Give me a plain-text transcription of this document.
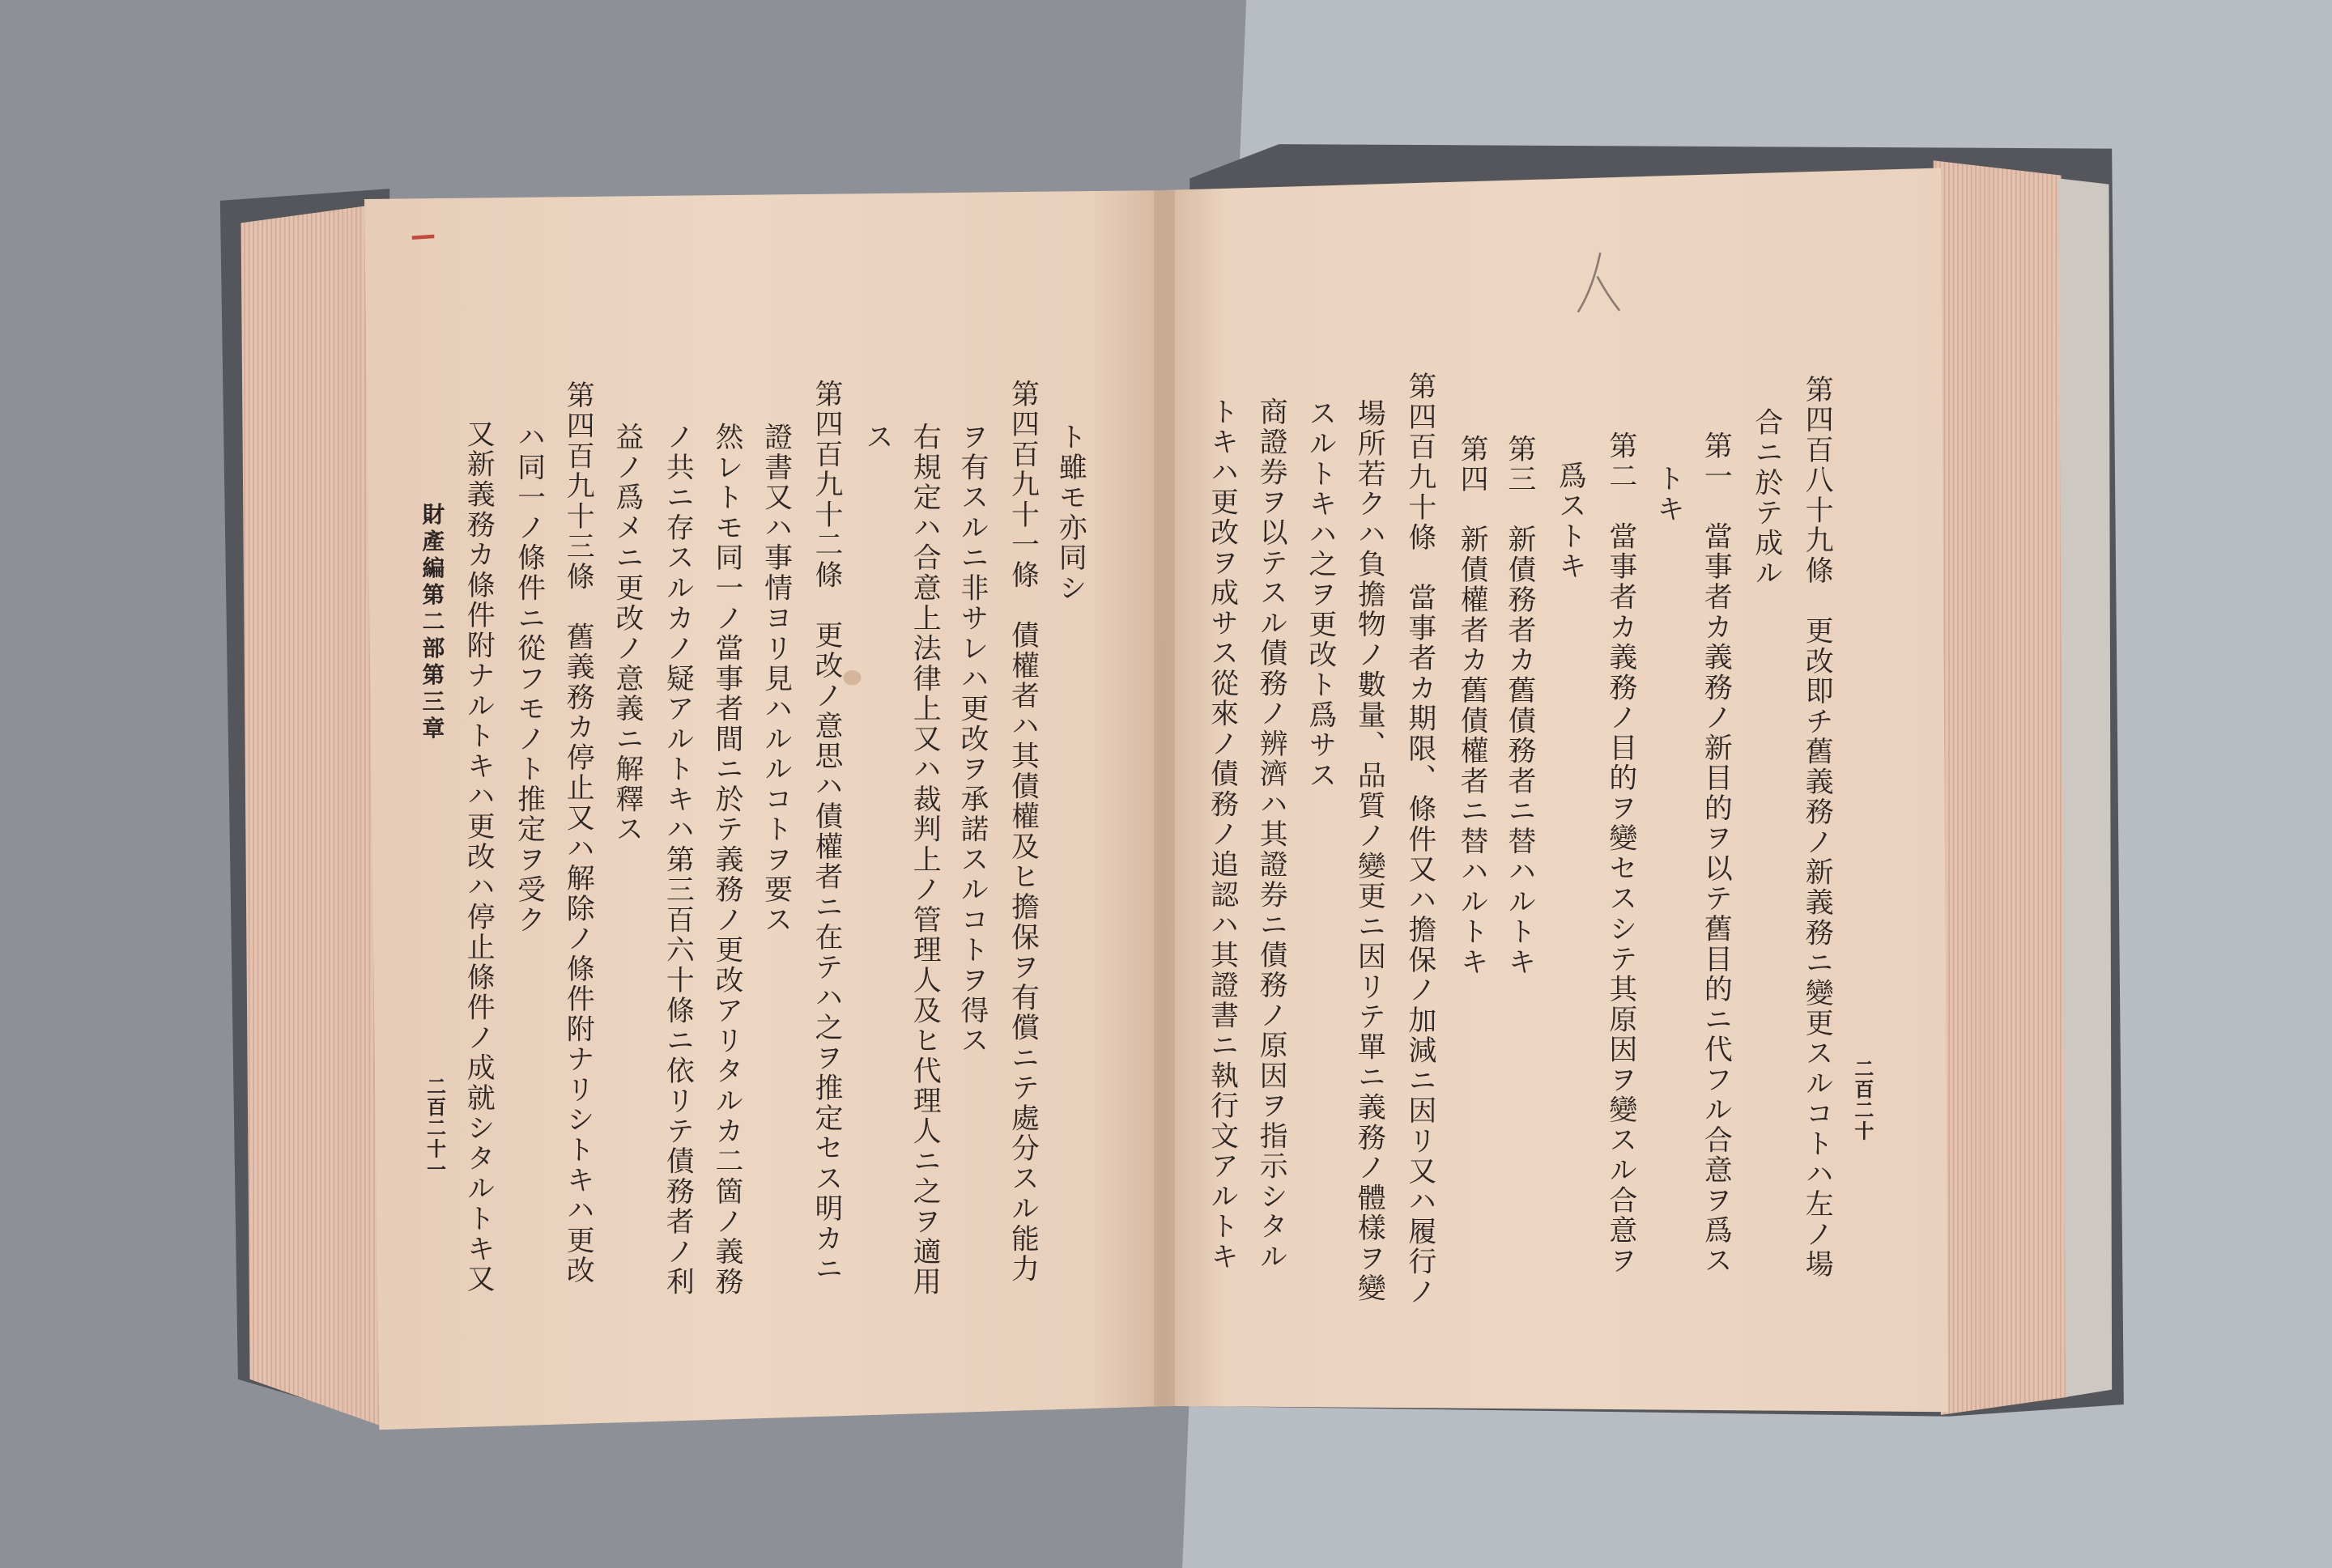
二百二十
第四百八十九條　更改即チ舊義務ノ新義務ニ變更スルコトハ左ノ場
合ニ於テ成ル
第一　當事者カ義務ノ新目的ヲ以テ舊目的ニ代フル合意ヲ爲ス
トキ
第二　當事者カ義務ノ目的ヲ變セスシテ其原因ヲ變スル合意ヲ
爲ストキ
第三　新債務者カ舊債務者ニ替ハルトキ
第四　新債權者カ舊債權者ニ替ハルトキ
第四百九十條　當事者カ期限、條件又ハ擔保ノ加減ニ因リ又ハ履行ノ
場所若クハ負擔物ノ數量、品質ノ變更ニ因リテ單ニ義務ノ體樣ヲ變
スルトキハ之ヲ更改ト爲サス
商證券ヲ以テスル債務ノ辨濟ハ其證券ニ債務ノ原因ヲ指示シタル
トキハ更改ヲ成サス從來ノ債務ノ追認ハ其證書ニ執行文アルトキ
ト雖モ亦同シ
第四百九十一條　債權者ハ其債權及ヒ擔保ヲ有償ニテ處分スル能力
ヲ有スルニ非サレハ更改ヲ承諾スルコトヲ得ス
右規定ハ合意上法律上又ハ裁判上ノ管理人及ヒ代理人ニ之ヲ適用
ス
第四百九十二條　更改ノ意思ハ債權者ニ在テハ之ヲ推定セス明カニ
證書又ハ事情ヨリ見ハルルコトヲ要ス
然レトモ同一ノ當事者間ニ於テ義務ノ更改アリタルカ二箇ノ義務
ノ共ニ存スルカノ疑アルトキハ第三百六十條ニ依リテ債務者ノ利
益ノ爲メニ更改ノ意義ニ解釋ス
第四百九十三條　舊義務カ停止又ハ解除ノ條件附ナリシトキハ更改
ハ同一ノ條件ニ從フモノト推定ヲ受ク
又新義務カ條件附ナルトキハ更改ハ停止條件ノ成就シタルトキ又
財產編第二部第三章
二百二十一
